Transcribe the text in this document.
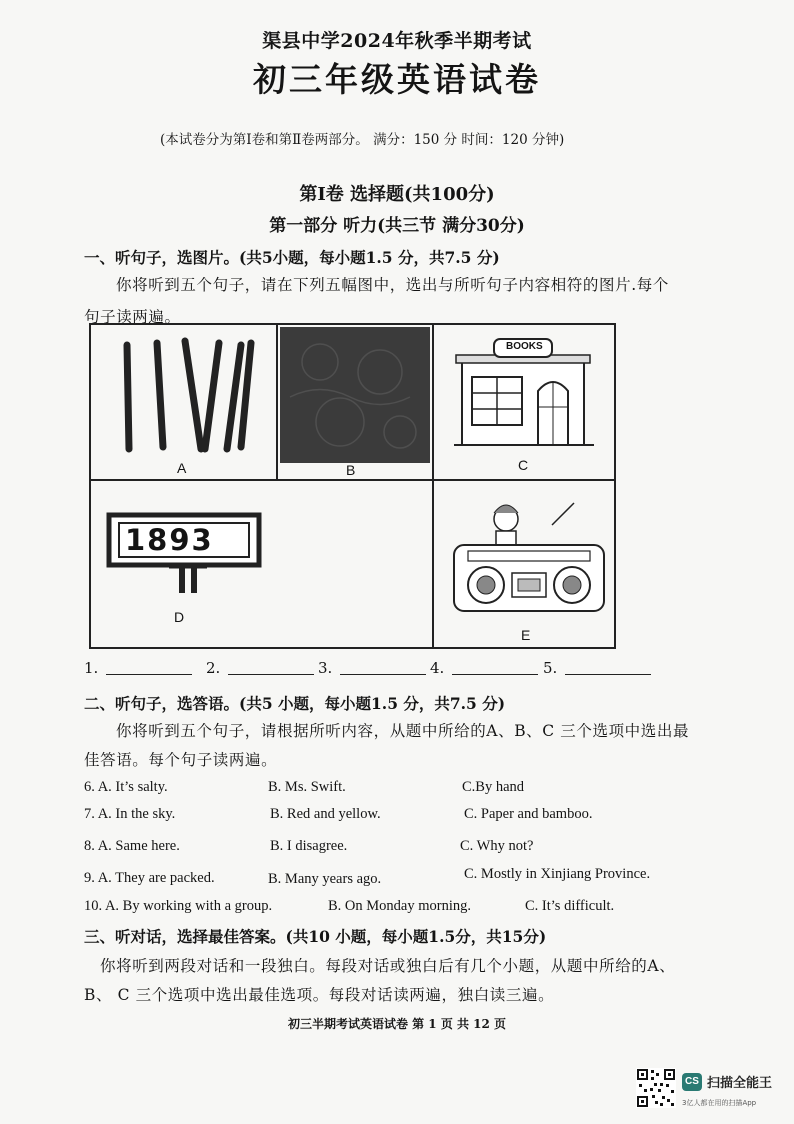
渠县中学2024年秋季半期考试
初三年级英语试卷
(本试卷分为第Ⅰ卷和第Ⅱ卷两部分。 满分：150 分 时间：120 分钟)
第Ⅰ卷 选择题(共100分)
第一部分 听力(共三节 满分30分)
一、听句子，选图片。(共5小题，每小题1.5 分，共7.5 分)
你将听到五个句子，请在下列五幅图中，选出与所听句子内容相符的图片.每个
句子读两遍。
A	B
BOOKS
C
1893
D
E
1.	2.	3.	4.	5.
二、听句子，选答语。(共5 小题，每小题1.5 分，共7.5 分)
你将听到五个句子，请根据所听内容，从题中所给的A、B、C 三个选项中选出最
佳答语。每个句子读两遍。
6. A. It’s salty.	B. Ms. Swift.	C.By hand
7. A. In the sky.	B. Red and yellow.	C. Paper and bamboo.
8. A. Same here.	B. I disagree.	C. Why not?
9. A. They are packed.	B. Many years ago.	C. Mostly in Xinjiang Province.
10. A. By working with a group.	B. On Monday morning.	C. It’s difficult.
三、听对话，选择最佳答案。(共10 小题，每小题1.5分，共15分)
你将听到两段对话和一段独白。每段对话或独白后有几个小题，从题中所给的A、
B、 C 三个选项中选出最佳选项。每段对话读两遍，独白读三遍。
初三半期考试英语试卷 第 1 页 共 12 页
CS 扫描全能王
3亿人都在用的扫描App
